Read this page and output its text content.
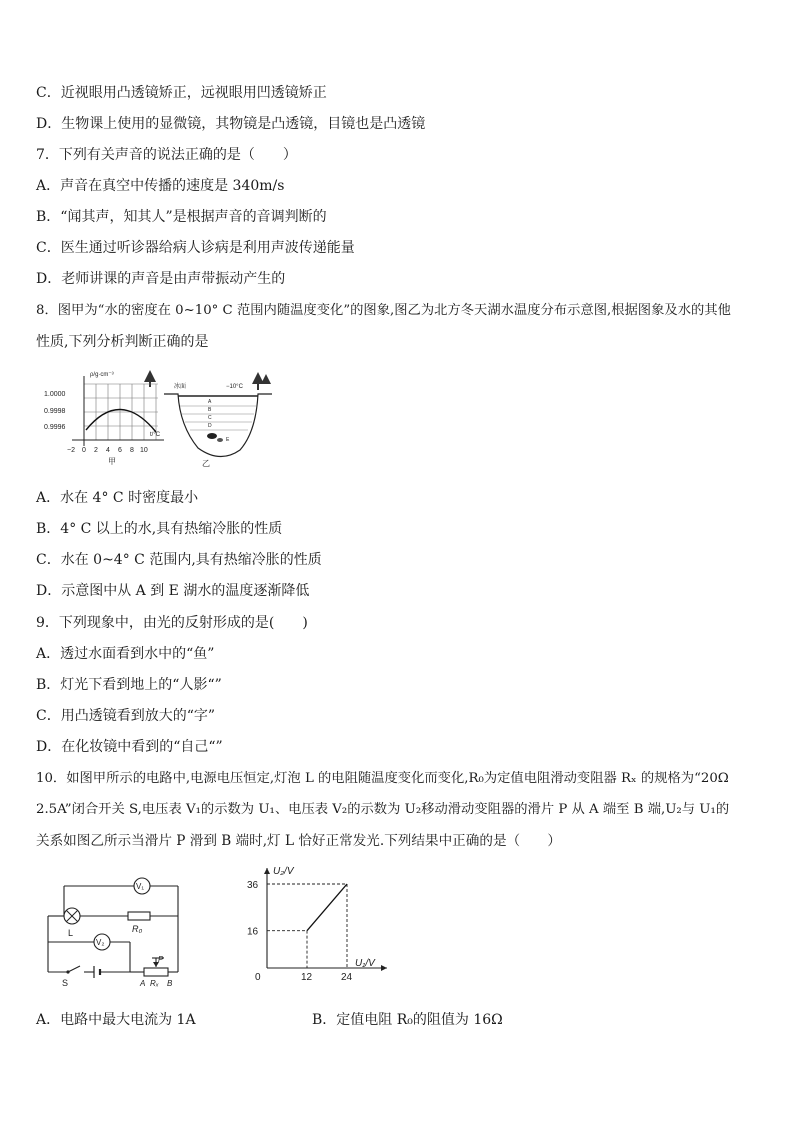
C．近视眼用凸透镜矫正，远视眼用凹透镜矫正
D．生物课上使用的显微镜，其物镜是凸透镜，目镜也是凸透镜
7．下列有关声音的说法正确的是（　　）
A．声音在真空中传播的速度是 340m/s
B．“闻其声，知其人”是根据声音的音调判断的
C．医生通过听诊器给病人诊病是利用声波传递能量
D．老师讲课的声音是由声带振动产生的
8．图甲为“水的密度在 0~10° C 范围内随温度变化”的图象,图乙为北方冬天湖水温度分布示意图,根据图象及水的其他
性质,下列分析判断正确的是
ρ/g·cm⁻³
1.0000
0.9998
0.9996
t/°C
−2 0 2 4 6 8 10
甲
冰面	−10°C
A
B
C
D
E
乙
A．水在 4° C 时密度最小
B．4° C 以上的水,具有热缩冷胀的性质
C．水在 0~4° C 范围内,具有热缩冷胀的性质
D．示意图中从 A 到 E 湖水的温度逐渐降低
9．下列现象中，由光的反射形成的是(　　)
A．透过水面看到水中的“鱼”
B．灯光下看到地上的“人影“”
C．用凸透镜看到放大的“字”
D．在化妆镜中看到的“自己“”
10．如图甲所示的电路中,电源电压恒定,灯泡 L 的电阻随温度变化而变化,R₀为定值电阻滑动变阻器 Rₓ 的规格为“20Ω
2.5A”闭合开关 S,电压表 V₁的示数为 U₁、电压表 V₂的示数为 U₂移动滑动变阻器的滑片 P 从 A 端至 B 端,U₂与 U₁的
关系如图乙所示当滑片 P 滑到 B 端时,灯 L 恰好正常发光.下列结果中正确的是（　　）
V₁
V₂
L	R₀
S
P
A Rₓ B
36
16
0	12	24
U₂/V
U₁/V
A．电路中最大电流为 1A	B．定值电阻 R₀的阻值为 16Ω
